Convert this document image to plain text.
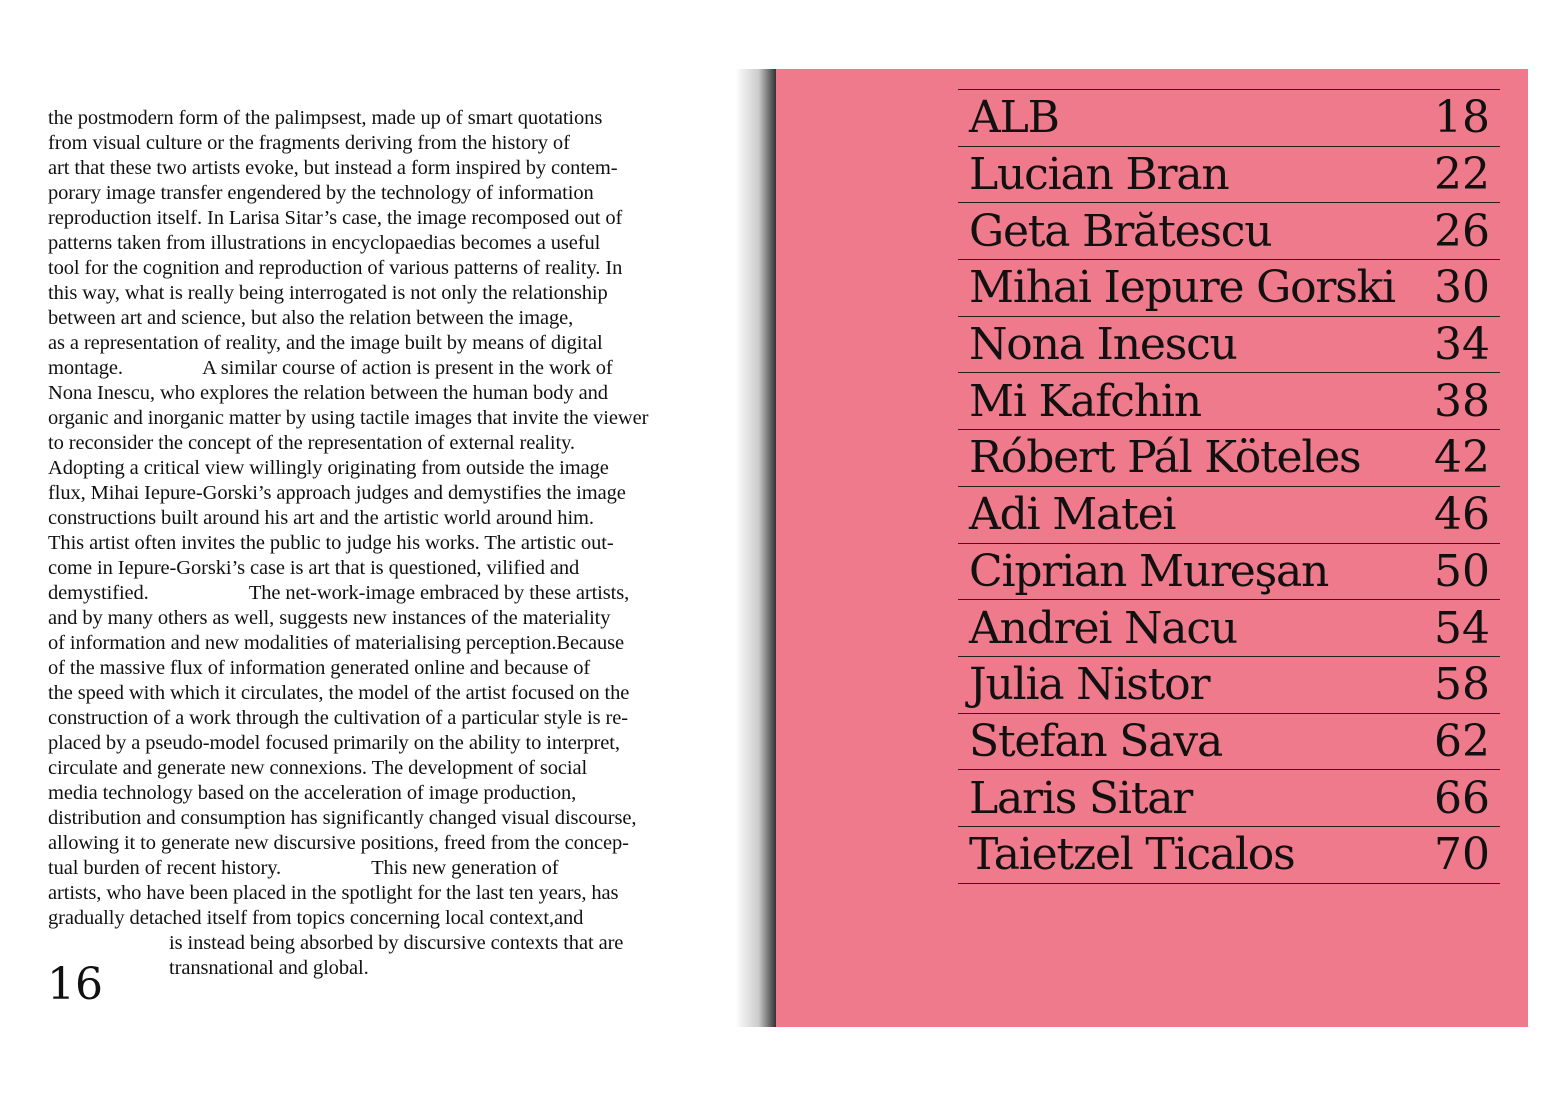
the postmodern form of the palimpsest, made up of smart quotations
from visual culture or the fragments deriving from the history of
art that these two artists evoke, but instead a form inspired by contem-
porary image transfer engendered by the technology of information
reproduction itself. In Larisa Sitar’s case, the image recomposed out of
patterns taken from illustrations in encyclopaedias becomes a useful
tool for the cognition and reproduction of various patterns of reality. In
this way, what is really being interrogated is not only the relationship
between art and science, but also the relation between the image,
as a representation of reality, and the image built by means of digital
montage.                A similar course of action is present in the work of
Nona Inescu, who explores the relation between the human body and
organic and inorganic matter by using tactile images that invite the viewer
to reconsider the concept of the representation of external reality.
Adopting a critical view willingly originating from outside the image
flux, Mihai Iepure-Gorski’s approach judges and demystifies the image
constructions built around his art and the artistic world around him.
This artist often invites the public to judge his works. The artistic out-
come in Iepure-Gorski’s case is art that is questioned, vilified and
demystified.                    The net-work-image embraced by these artists,
and by many others as well, suggests new instances of the materiality
of information and new modalities of materialising perception.Because
of the massive flux of information generated online and because of
the speed with which it circulates, the model of the artist focused on the
construction of a work through the cultivation of a particular style is re-
placed by a pseudo-model focused primarily on the ability to interpret,
circulate and generate new connexions. The development of social
media technology based on the acceleration of image production,
distribution and consumption has significantly changed visual discourse,
allowing it to generate new discursive positions, freed from the concep-
tual burden of recent history.                  This new generation of
artists, who have been placed in the spotlight for the last ten years, has
gradually detached itself from topics concerning local context,and
is instead being absorbed by discursive contexts that are
transnational and global.
16
ALB	18
Lucian Bran	22
Geta Brătescu	26
Mihai Iepure Gorski 30
Nona Inescu	34
Mi Kafchin	38
Róbert Pál Köteles 42
Adi Matei	46
Ciprian Mureşan 50
Andrei Nacu	54
Julia Nistor	58
Stefan Sava	62
Laris Sitar	66
Taietzel Ticalos	70
